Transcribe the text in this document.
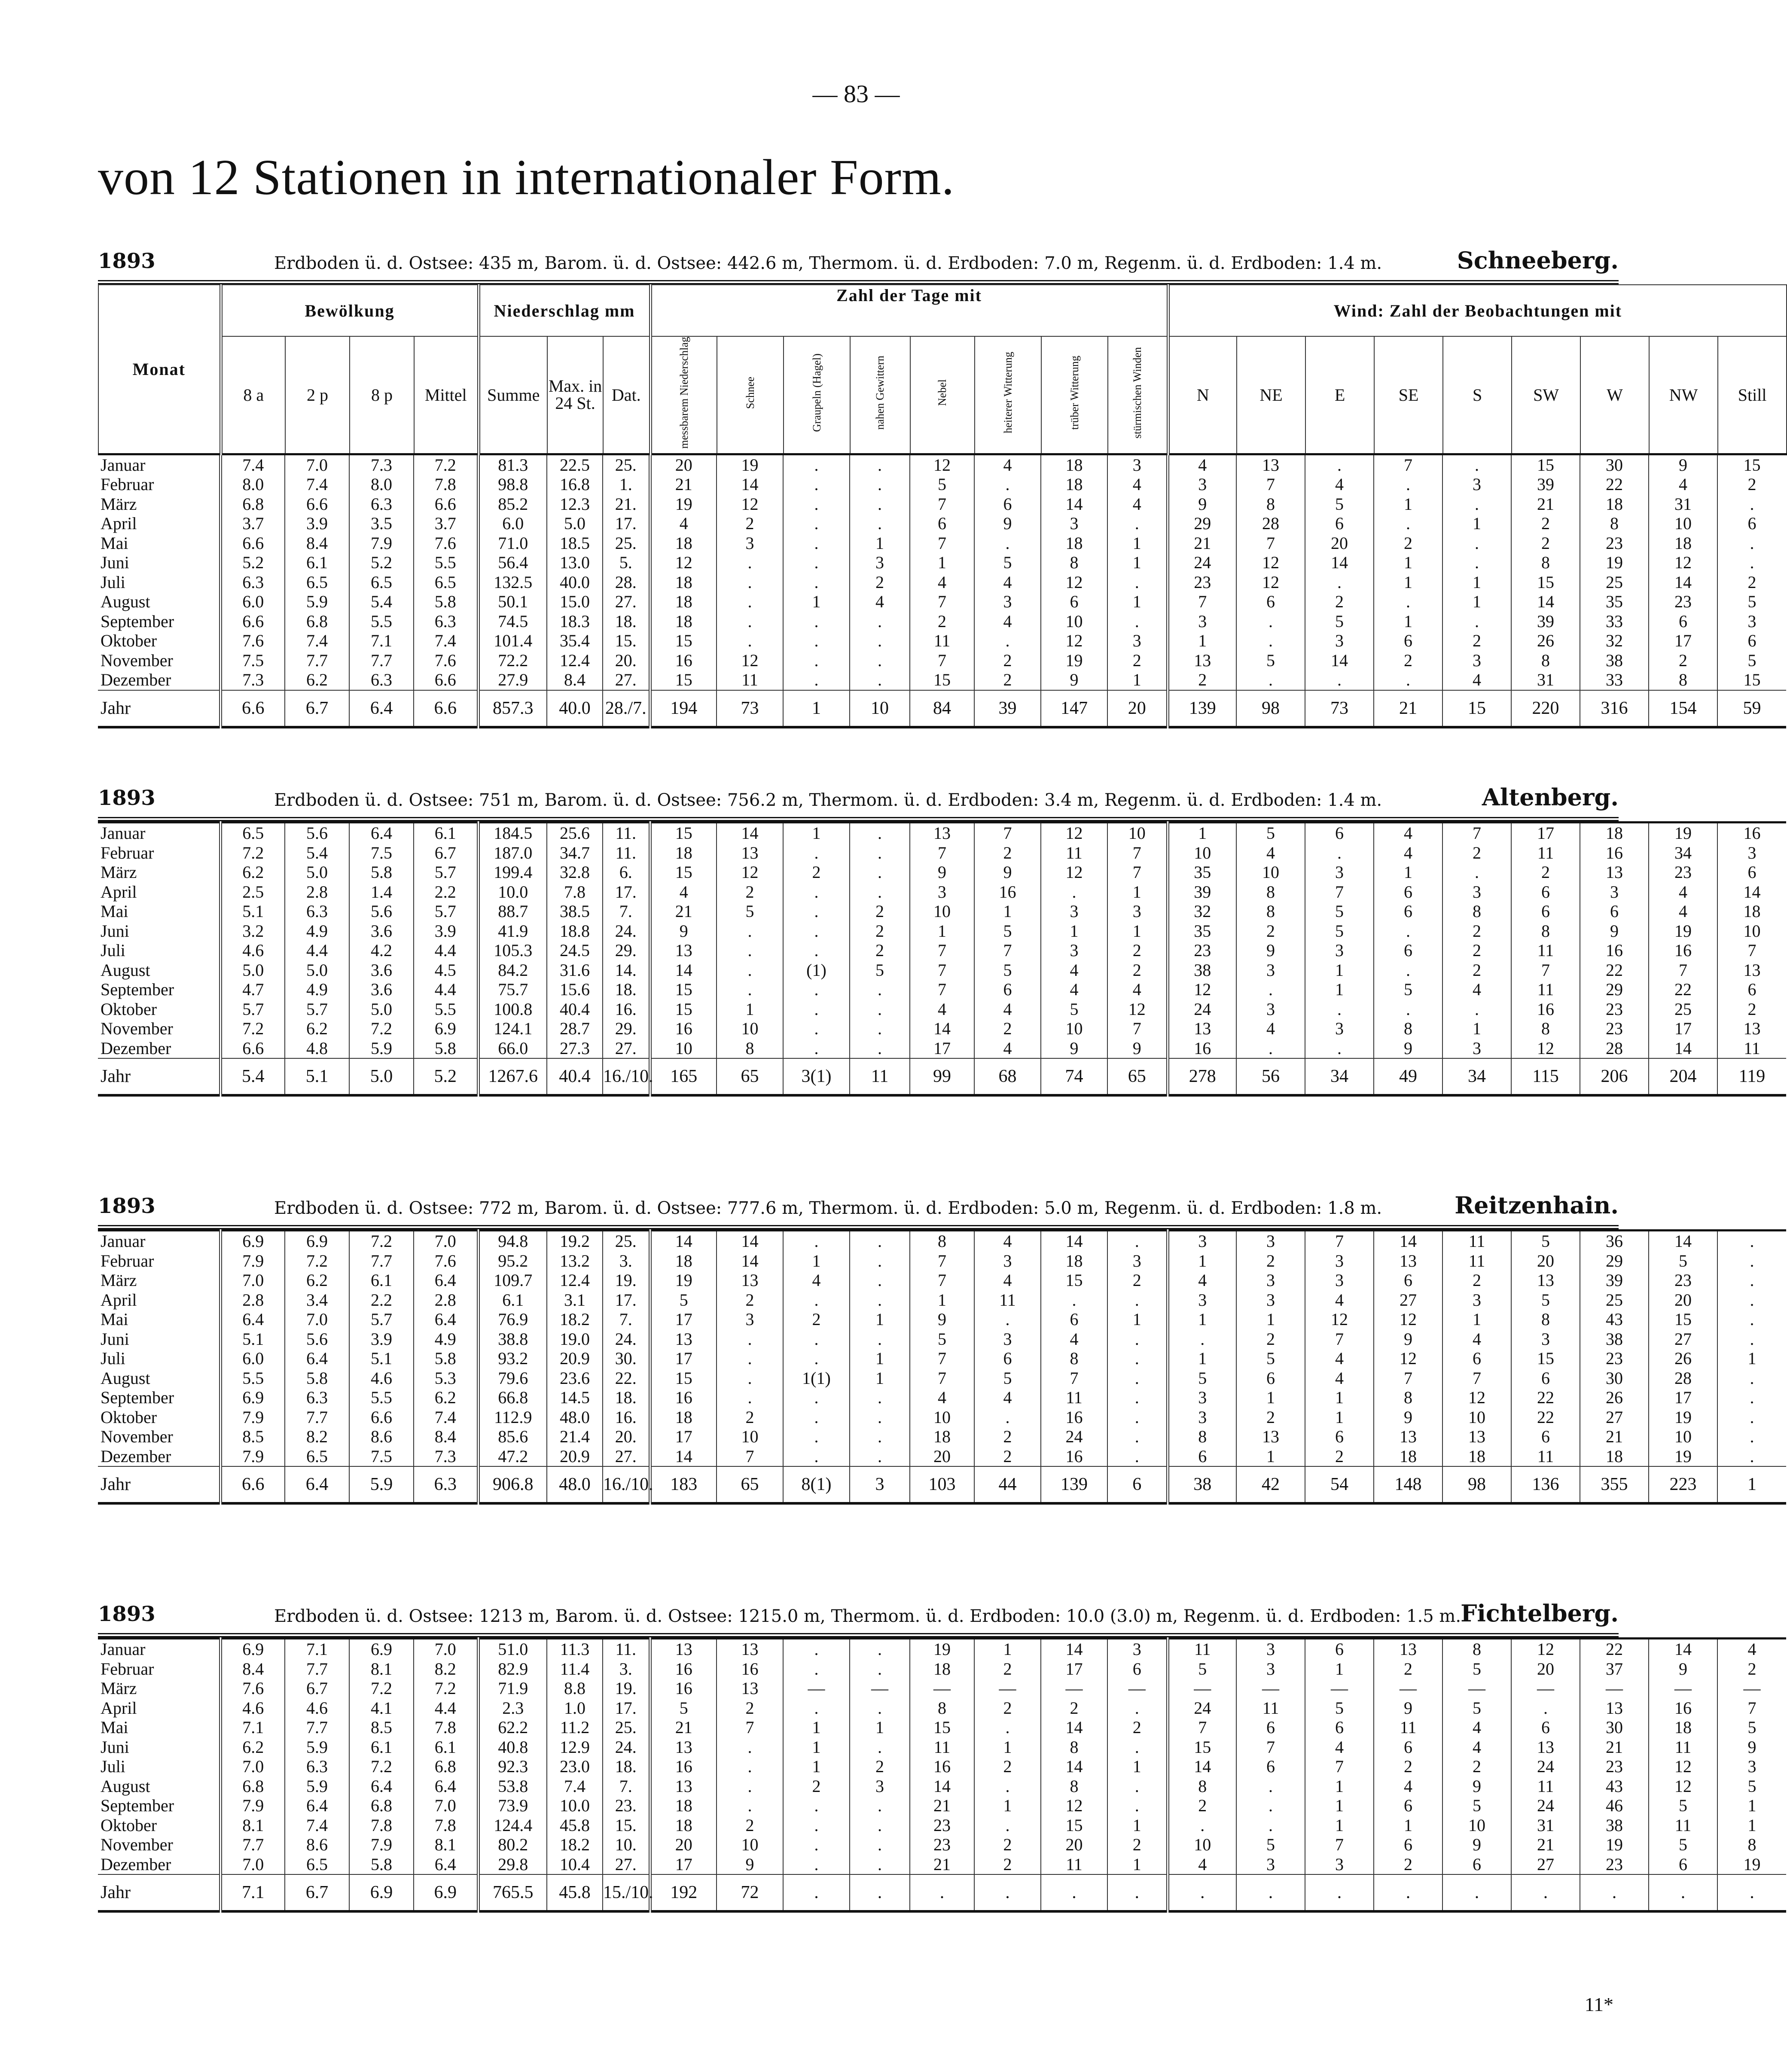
— 83 —
von 12 Stationen in internationaler Form.
1893	Erdboden ü. d. Ostsee: 435 m, Barom. ü. d. Ostsee: 442.6 m, Thermom. ü. d. Erdboden: 7.0 m, Regenm. ü. d. Erdboden: 1.4 m.	Schneeberg.
Monat	Bewölkung				Niederschlag mm			Zahl der Tage mit								Wind: Zahl der Beobachtungen mit								
	8 a	2 p	8 p	Mittel	Summe	Max. in 24 St.	Dat.	messbarem Niederschlag	Schnee	Graupeln (Hagel)	nahen Gewittern	Nebel	heiterer Witterung	trüber Witterung	stürmischen Winden	N	NE	E	SE	S	SW	W	NW	Still
Januar	7.4	7.0	7.3	7.2	81.3	22.5	25.	20	19	.	.	12	4	18	3	4	13	.	7	.	15	30	9	15
Februar	8.0	7.4	8.0	7.8	98.8	16.8	1.	21	14	.	.	5	.	18	4	3	7	4	.	3	39	22	4	2
März	6.8	6.6	6.3	6.6	85.2	12.3	21.	19	12	.	.	7	6	14	4	9	8	5	1	.	21	18	31	.
April	3.7	3.9	3.5	3.7	6.0	5.0	17.	4	2	.	.	6	9	3	.	29	28	6	.	1	2	8	10	6
Mai	6.6	8.4	7.9	7.6	71.0	18.5	25.	18	3	.	1	7	.	18	1	21	7	20	2	.	2	23	18	.
Juni	5.2	6.1	5.2	5.5	56.4	13.0	5.	12	.	.	3	1	5	8	1	24	12	14	1	.	8	19	12	.
Juli	6.3	6.5	6.5	6.5	132.5	40.0	28.	18	.	.	2	4	4	12	.	23	12	.	1	1	15	25	14	2
August	6.0	5.9	5.4	5.8	50.1	15.0	27.	18	.	1	4	7	3	6	1	7	6	2	.	1	14	35	23	5
September	6.6	6.8	5.5	6.3	74.5	18.3	18.	18	.	.	.	2	4	10	.	3	.	5	1	.	39	33	6	3
Oktober	7.6	7.4	7.1	7.4	101.4	35.4	15.	15	.	.	.	11	.	12	3	1	.	3	6	2	26	32	17	6
November	7.5	7.7	7.7	7.6	72.2	12.4	20.	16	12	.	.	7	2	19	2	13	5	14	2	3	8	38	2	5
Dezember	7.3	6.2	6.3	6.6	27.9	8.4	27.	15	11	.	.	15	2	9	1	2	.	.	.	4	31	33	8	15
Jahr	6.6	6.7	6.4	6.6	857.3	40.0	28./7.	194	73	1	10	84	39	147	20	139	98	73	21	15	220	316	154	59
1893	Erdboden ü. d. Ostsee: 751 m, Barom. ü. d. Ostsee: 756.2 m, Thermom. ü. d. Erdboden: 3.4 m, Regenm. ü. d. Erdboden: 1.4 m.	Altenberg.
Januar	6.5	5.6	6.4	6.1	184.5	25.6	11.	15	14	1	.	13	7	12	10	1	5	6	4	7	17	18	19	16
Februar	7.2	5.4	7.5	6.7	187.0	34.7	11.	18	13	.	.	7	2	11	7	10	4	.	4	2	11	16	34	3
März	6.2	5.0	5.8	5.7	199.4	32.8	6.	15	12	2	.	9	9	12	7	35	10	3	1	.	2	13	23	6
April	2.5	2.8	1.4	2.2	10.0	7.8	17.	4	2	.	.	3	16	.	1	39	8	7	6	3	6	3	4	14
Mai	5.1	6.3	5.6	5.7	88.7	38.5	7.	21	5	.	2	10	1	3	3	32	8	5	6	8	6	6	4	18
Juni	3.2	4.9	3.6	3.9	41.9	18.8	24.	9	.	.	2	1	5	1	1	35	2	5	.	2	8	9	19	10
Juli	4.6	4.4	4.2	4.4	105.3	24.5	29.	13	.	.	2	7	7	3	2	23	9	3	6	2	11	16	16	7
August	5.0	5.0	3.6	4.5	84.2	31.6	14.	14	.	(1)	5	7	5	4	2	38	3	1	.	2	7	22	7	13
September	4.7	4.9	3.6	4.4	75.7	15.6	18.	15	.	.	.	7	6	4	4	12	.	1	5	4	11	29	22	6
Oktober	5.7	5.7	5.0	5.5	100.8	40.4	16.	15	1	.	.	4	4	5	12	24	3	.	.	.	16	23	25	2
November	7.2	6.2	7.2	6.9	124.1	28.7	29.	16	10	.	.	14	2	10	7	13	4	3	8	1	8	23	17	13
Dezember	6.6	4.8	5.9	5.8	66.0	27.3	27.	10	8	.	.	17	4	9	9	16	.	.	9	3	12	28	14	11
Jahr	5.4	5.1	5.0	5.2	1267.6	40.4	16./10.	165	65	3(1)	11	99	68	74	65	278	56	34	49	34	115	206	204	119
1893	Erdboden ü. d. Ostsee: 772 m, Barom. ü. d. Ostsee: 777.6 m, Thermom. ü. d. Erdboden: 5.0 m, Regenm. ü. d. Erdboden: 1.8 m.	Reitzenhain.
Januar	6.9	6.9	7.2	7.0	94.8	19.2	25.	14	14	.	.	8	4	14	.	3	3	7	14	11	5	36	14	.
Februar	7.9	7.2	7.7	7.6	95.2	13.2	3.	18	14	1	.	7	3	18	3	1	2	3	13	11	20	29	5	.
März	7.0	6.2	6.1	6.4	109.7	12.4	19.	19	13	4	.	7	4	15	2	4	3	3	6	2	13	39	23	.
April	2.8	3.4	2.2	2.8	6.1	3.1	17.	5	2	.	.	1	11	.	.	3	3	4	27	3	5	25	20	.
Mai	6.4	7.0	5.7	6.4	76.9	18.2	7.	17	3	2	1	9	.	6	1	1	1	12	12	1	8	43	15	.
Juni	5.1	5.6	3.9	4.9	38.8	19.0	24.	13	.	.	.	5	3	4	.	.	2	7	9	4	3	38	27	.
Juli	6.0	6.4	5.1	5.8	93.2	20.9	30.	17	.	.	1	7	6	8	.	1	5	4	12	6	15	23	26	1
August	5.5	5.8	4.6	5.3	79.6	23.6	22.	15	.	1(1)	1	7	5	7	.	5	6	4	7	7	6	30	28	.
September	6.9	6.3	5.5	6.2	66.8	14.5	18.	16	.	.	.	4	4	11	.	3	1	1	8	12	22	26	17	.
Oktober	7.9	7.7	6.6	7.4	112.9	48.0	16.	18	2	.	.	10	.	16	.	3	2	1	9	10	22	27	19	.
November	8.5	8.2	8.6	8.4	85.6	21.4	20.	17	10	.	.	18	2	24	.	8	13	6	13	13	6	21	10	.
Dezember	7.9	6.5	7.5	7.3	47.2	20.9	27.	14	7	.	.	20	2	16	.	6	1	2	18	18	11	18	19	.
Jahr	6.6	6.4	5.9	6.3	906.8	48.0	16./10.	183	65	8(1)	3	103	44	139	6	38	42	54	148	98	136	355	223	1
1893	Erdboden ü. d. Ostsee: 1213 m, Barom. ü. d. Ostsee: 1215.0 m, Thermom. ü. d. Erdboden: 10.0 (3.0) m, Regenm. ü. d. Erdboden: 1.5 m. Fichtelberg.
Januar	6.9	7.1	6.9	7.0	51.0	11.3	11.	13	13	.	.	19	1	14	3	11	3	6	13	8	12	22	14	4
Februar	8.4	7.7	8.1	8.2	82.9	11.4	3.	16	16	.	.	18	2	17	6	5	3	1	2	5	20	37	9	2
März	7.6	6.7	7.2	7.2	71.9	8.8	19.	16	13	—	—	—	—	—	—	—	—	—	—	—	—	—	—	—
April	4.6	4.6	4.1	4.4	2.3	1.0	17.	5	2	.	.	8	2	2	.	24	11	5	9	5	.	13	16	7
Mai	7.1	7.7	8.5	7.8	62.2	11.2	25.	21	7	1	1	15	.	14	2	7	6	6	11	4	6	30	18	5
Juni	6.2	5.9	6.1	6.1	40.8	12.9	24.	13	.	1	.	11	1	8	.	15	7	4	6	4	13	21	11	9
Juli	7.0	6.3	7.2	6.8	92.3	23.0	18.	16	.	1	2	16	2	14	1	14	6	7	2	2	24	23	12	3
August	6.8	5.9	6.4	6.4	53.8	7.4	7.	13	.	2	3	14	.	8	.	8	.	1	4	9	11	43	12	5
September	7.9	6.4	6.8	7.0	73.9	10.0	23.	18	.	.	.	21	1	12	.	2	.	1	6	5	24	46	5	1
Oktober	8.1	7.4	7.8	7.8	124.4	45.8	15.	18	2	.	.	23	.	15	1	.	.	1	1	10	31	38	11	1
November	7.7	8.6	7.9	8.1	80.2	18.2	10.	20	10	.	.	23	2	20	2	10	5	7	6	9	21	19	5	8
Dezember	7.0	6.5	5.8	6.4	29.8	10.4	27.	17	9	.	.	21	2	11	1	4	3	3	2	6	27	23	6	19
Jahr	7.1	6.7	6.9	6.9	765.5	45.8	15./10.	192	72	.	.	.	.	.	.	.	.	.	.	.	.	.	.	.
11*
